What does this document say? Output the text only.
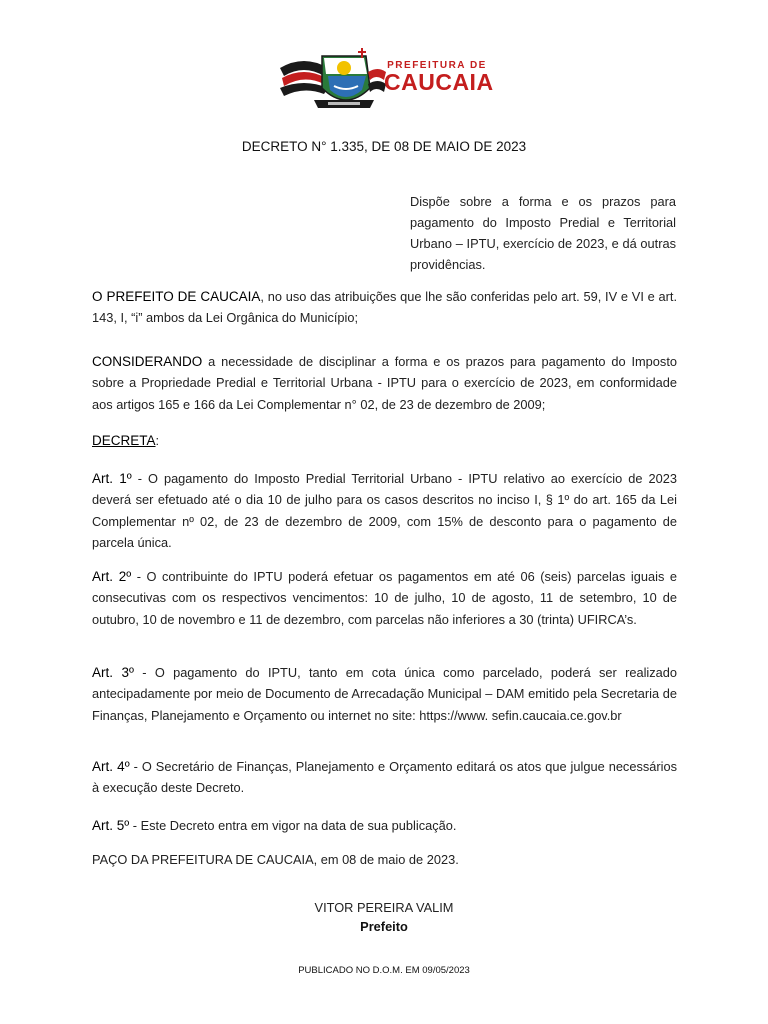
PREFEITURA DE
CAUCAIA
DECRETO N° 1.335, DE 08 DE MAIO DE 2023
Dispõe sobre a forma e os prazos para pagamento do Imposto Predial e Territorial Urbano – IPTU, exercício de 2023, e dá outras providências.

O PREFEITO DE CAUCAIA, no uso das atribuições que lhe são conferidas pelo art. 59, IV e VI e art. 143, I, “i” ambos da Lei Orgânica do Município;

CONSIDERANDO a necessidade de disciplinar a forma e os prazos para pagamento do Imposto sobre a Propriedade Predial e Territorial Urbana - IPTU para o exercício de 2023, em conformidade aos artigos 165 e 166 da Lei Complementar n° 02, de 23 de dezembro de 2009;

DECRETA:

Art. 1º - O pagamento do Imposto Predial Territorial Urbano - IPTU relativo ao exercício de 2023 deverá ser efetuado até o dia 10 de julho para os casos descritos no inciso I, § 1º do art. 165 da Lei Complementar nº 02, de 23 de dezembro de 2009, com 15% de desconto para o pagamento de parcela única.

Art. 2º - O contribuinte do IPTU poderá efetuar os pagamentos em até 06 (seis) parcelas iguais e consecutivas com os respectivos vencimentos: 10 de julho, 10 de agosto, 11 de setembro, 10 de outubro, 10 de novembro e 11 de dezembro, com parcelas não inferiores a 30 (trinta) UFIRCA’s.

Art. 3º - O pagamento do IPTU, tanto em cota única como parcelado, poderá ser realizado antecipadamente por meio de Documento de Arrecadação Municipal – DAM emitido pela Secretaria de Finanças, Planejamento e Orçamento ou internet no site: https://www. sefin.caucaia.ce.gov.br

Art. 4º - O Secretário de Finanças, Planejamento e Orçamento editará os atos que julgue necessários à execução deste Decreto.

Art. 5º - Este Decreto entra em vigor na data de sua publicação.

PAÇO DA PREFEITURA DE CAUCAIA, em 08 de maio de 2023.

VITOR PEREIRA VALIM
Prefeito
PUBLICADO NO D.O.M. EM 09/05/2023
